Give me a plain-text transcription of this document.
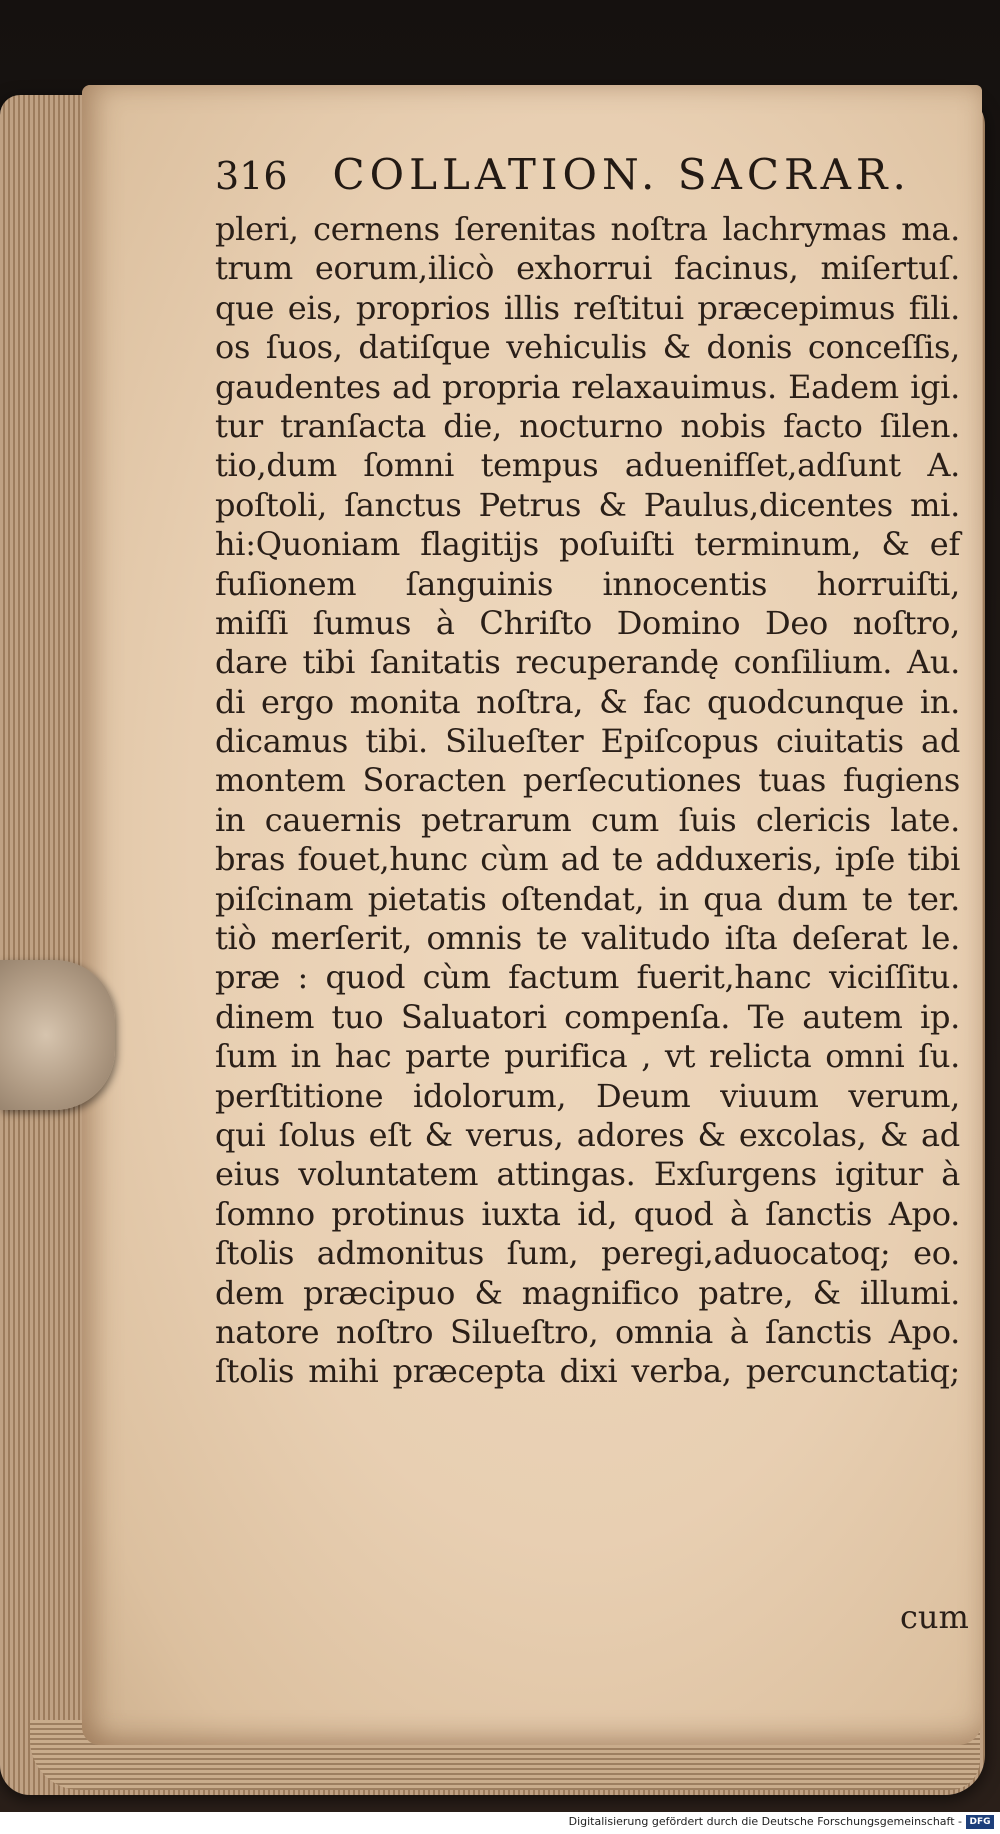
316 COLLATION. SACRAR.
pleri, cernens ſerenitas noſtra lachrymas ma.
trum eorum,ilicò exhorrui facinus, miſertuſ.
que eis, proprios illis reſtitui præcepimus fili.
os ſuos, datiſque vehiculis & donis conceſſis,
gaudentes ad propria relaxauimus. Eadem igi.
tur tranſacta die, nocturno nobis facto ſilen.
tio,dum ſomni tempus aduenifſet,adſunt A.
poſtoli, ſanctus Petrus & Paulus,dicentes mi.
hi:Quoniam flagitijs poſuiſti terminum, & ef
fuſionem ſanguinis innocentis horruiſti,
miſſi ſumus à Chriſto Domino Deo noſtro,
dare tibi ſanitatis recuperandę conſilium. Au.
di ergo monita noſtra, & fac quodcunque in.
dicamus tibi. Silueſter Epiſcopus ciuitatis ad
montem Soracten perſecutiones tuas fugiens
in cauernis petrarum cum ſuis clericis late.
bras fouet,hunc cùm ad te adduxeris, ipſe tibi
piſcinam pietatis oſtendat, in qua dum te ter.
tiò merſerit, omnis te valitudo iſta deſerat le.
præ : quod cùm factum fuerit,hanc viciſſitu.
dinem tuo Saluatori compenſa. Te autem ip.
ſum in hac parte purifica , vt relicta omni ſu.
perſtitione idolorum, Deum viuum verum,
qui ſolus eſt & verus, adores & excolas, & ad
eius voluntatem attingas. Exſurgens igitur à
ſomno protinus iuxta id, quod à ſanctis Apo.
ſtolis admonitus ſum, peregi,aduocatoq; eo.
dem præcipuo & magnifico patre, & illumi.
natore noſtro Silueſtro, omnia à ſanctis Apo.
ſtolis mihi præcepta dixi verba, percunctatiq;
cum
Digitalisierung gefördert durch die Deutsche Forschungsgemeinschaft - DFG
